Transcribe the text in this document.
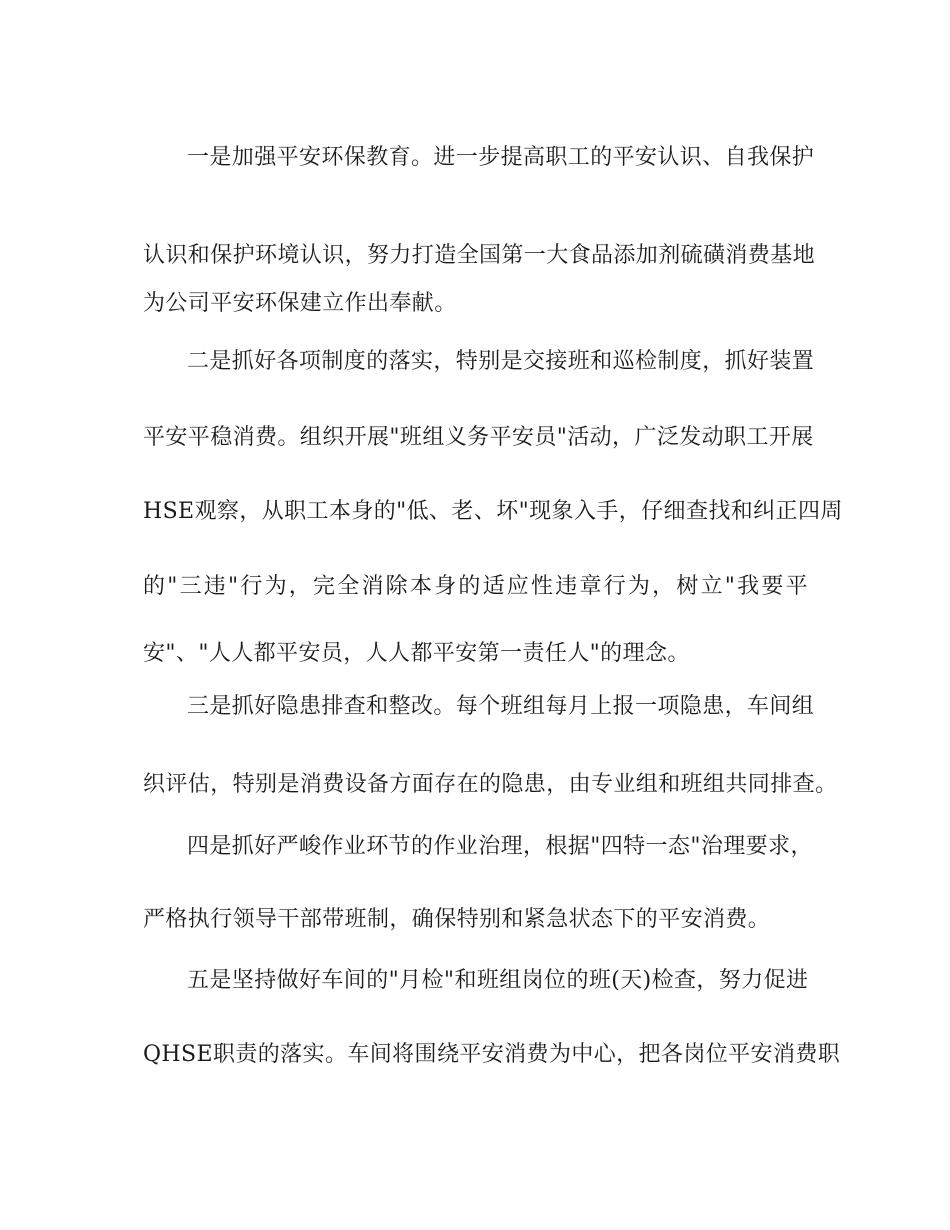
一是加强平安环保教育。进一步提高职工的平安认识、自我保护
认识和保护环境认识，努力打造全国第一大食品添加剂硫磺消费基地
为公司平安环保建立作出奉献。
二是抓好各项制度的落实，特别是交接班和巡检制度，抓好装置
平安平稳消费。组织开展"班组义务平安员"活动，广泛发动职工开展
HSE观察，从职工本身的"低、老、坏"现象入手，仔细查找和纠正四周
的"三违"行为，完全消除本身的适应性违章行为，树立"我要平
安"、"人人都平安员，人人都平安第一责任人"的理念。
三是抓好隐患排查和整改。每个班组每月上报一项隐患，车间组
织评估，特别是消费设备方面存在的隐患，由专业组和班组共同排查。
四是抓好严峻作业环节的作业治理，根据"四特一态"治理要求，
严格执行领导干部带班制，确保特别和紧急状态下的平安消费。
五是坚持做好车间的"月检"和班组岗位的班(天)检查，努力促进
QHSE职责的落实。车间将围绕平安消费为中心，把各岗位平安消费职
